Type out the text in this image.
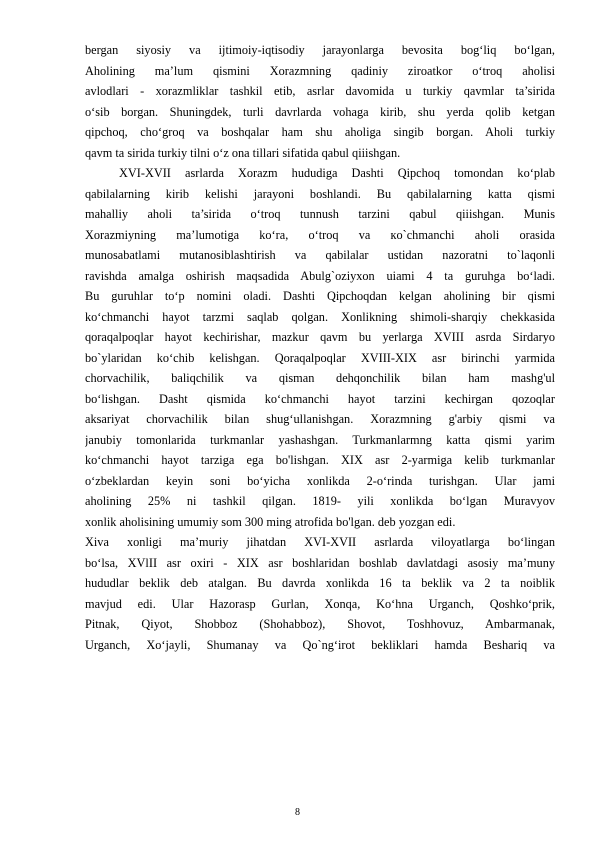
bergan siyosiy va ijtimoiy-iqtisodiy jarayonlarga bevosita bog‘liq bo‘lgan,
Aholining ma’lum qismini Xorazmning qadiniy ziroatkor o‘troq aholisi
avlodlari - xorazmliklar tashkil etib, asrlar davomida u turkiy qavmlar ta’sirida
o‘sib borgan. Shuningdek, turli davrlarda vohaga kirib, shu yerda qolib ketgan
qipchoq, cho‘groq va boshqalar ham shu aholiga singib borgan. Aholi turkiy
qavm ta sirida turkiy tilni o‘z ona tillari sifatida qabul qiiishgan.
XVI-XVII asrlarda Xorazm hududiga Dashti Qipchoq tomondan ko‘plab
qabilalarning kirib kelishi jarayoni boshlandi. Bu qabilalarning katta qismi
mahalliy aholi ta’sirida o‘troq tunnush tarzini qabul qiiishgan. Munis
Xorazmiyning ma’lumotiga ko‘ra, o‘troq va кo`chmanchi aholi orasida
munosabatlami mutanosiblashtirish va qabilalar ustidan nazoratni to`laqonli
ravishda amalga oshirish maqsadida Abulg`oziyxon uiami 4 ta guruhga bo‘ladi.
Bu guruhlar to‘p nomini oladi. Dashti Qipchoqdan kelgan aholining bir qismi
ko‘chmanchi hayot tarzmi saqlab qolgan. Xonlikning shimoli-sharqiy chekkasida
qoraqalpoqlar hayot kechirishar, mazkur qavm bu yerlarga XVIII asrda Sirdaryo
bo`ylaridan ko‘chib kelishgan. Qoraqalpoqlar XVIII-XIX asr birinchi yarmida
chorvachilik, baliqchilik va qisman dehqonchilik bilan ham mashg'ul
bo‘lishgan. Dasht qismida ko‘chmanchi hayot tarzini kechirgan qozoqlar
aksariyat chorvachilik bilan shug‘ullanishgan. Xorazmning g'arbiy qismi va
janubiy tomonlarida turkmanlar yashashgan. Turkmanlarmng katta qismi yarim
ko‘chmanchi hayot tarziga ega bo'lishgan. XIX asr 2-yarmiga kelib turkmanlar
o‘zbeklardan keyin soni bo‘yicha xonlikda 2-o‘rinda turishgan. Ular jami
aholining 25% ni tashkil qilgan. 1819- yili xonlikda bo‘lgan Muravyov
xonlik aholisining umumiy som 300 ming atrofida bo'lgan. deb yozgan edi.
Xiva xonligi ma’muriy jihatdan XVI-XVII asrlarda viloyatlarga bo‘lingan
bo‘lsa, XVlII asr oxiri - XIX asr boshlaridan boshlab davlatdagi asosiy ma’muny
hududlar beklik deb atalgan. Bu davrda xonlikda 16 ta beklik va 2 ta noiblik
mavjud edi. Ular Hazorasp Gurlan, Xonqa, Ko‘hna Urganch, Qoshko‘prik,
Pitnak, Qiyot, Shobboz (Shohabboz), Shovot, Toshhovuz, Ambarmanak,
Urganch, Xo‘jayli, Shumanay va Qo`ng‘irot bekliklari hamda Beshariq va
8
